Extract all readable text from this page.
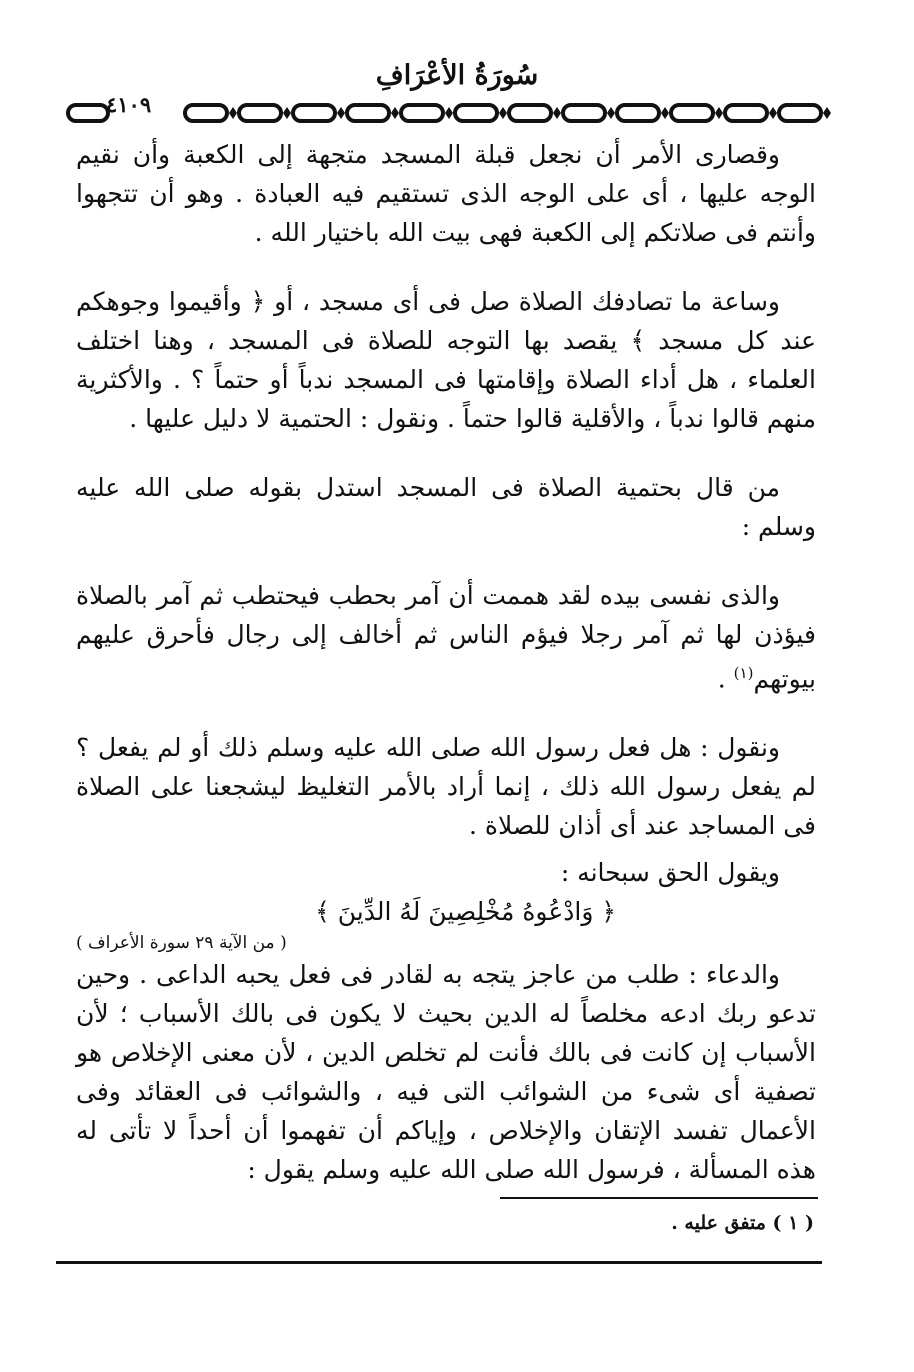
سُورَةُ الأعْرَافِ
٤١٠٩

وقصارى الأمر أن نجعل قبلة المسجد متجهة إلى الكعبة وأن نقيم الوجه عليها ، أى على الوجه الذى تستقيم فيه العبادة . وهو أن تتجهوا وأنتم فى صلاتكم إلى الكعبة فهى بيت الله باختيار الله .

وساعة ما تصادفك الصلاة صل فى أى مسجد ، أو ﴿ وأقيموا وجوهكم عند كل مسجد ﴾ يقصد بها التوجه للصلاة فى المسجد ، وهنا اختلف العلماء ، هل أداء الصلاة وإقامتها فى المسجد ندباً أو حتماً ؟ . والأكثرية منهم قالوا ندباً ، والأقلية قالوا حتماً . ونقول : الحتمية لا دليل عليها .

من قال بحتمية الصلاة فى المسجد استدل بقوله صلى الله عليه وسلم :

والذى نفسى بيده لقد هممت أن آمر بحطب فيحتطب ثم آمر بالصلاة فيؤذن لها ثم آمر رجلا فيؤم الناس ثم أخالف إلى رجال فأحرق عليهم بيوتهم$^{(١)}$ .

ونقول : هل فعل رسول الله صلى الله عليه وسلم ذلك أو لم يفعل ؟ لم يفعل رسول الله ذلك ، إنما أراد بالأمر التغليظ ليشجعنا على الصلاة فى المساجد عند أى أذان للصلاة .

ويقول الحق سبحانه :

﴿ وَادْعُوهُ مُخْلِصِينَ لَهُ الدِّينَ ﴾

( من الآية ٢٩ سورة الأعراف )

والدعاء : طلب من عاجز يتجه به لقادر فى فعل يحبه الداعى . وحين تدعو ربك ادعه مخلصاً له الدين بحيث لا يكون فى بالك الأسباب ؛ لأن الأسباب إن كانت فى بالك فأنت لم تخلص الدين ، لأن معنى الإخلاص هو تصفية أى شىء من الشوائب التى فيه ، والشوائب فى العقائد وفى الأعمال تفسد الإتقان والإخلاص ، وإياكم أن تفهموا أن أحداً لا تأتى له هذه المسألة ، فرسول الله صلى الله عليه وسلم يقول :

( ١ ) متفق عليه .
